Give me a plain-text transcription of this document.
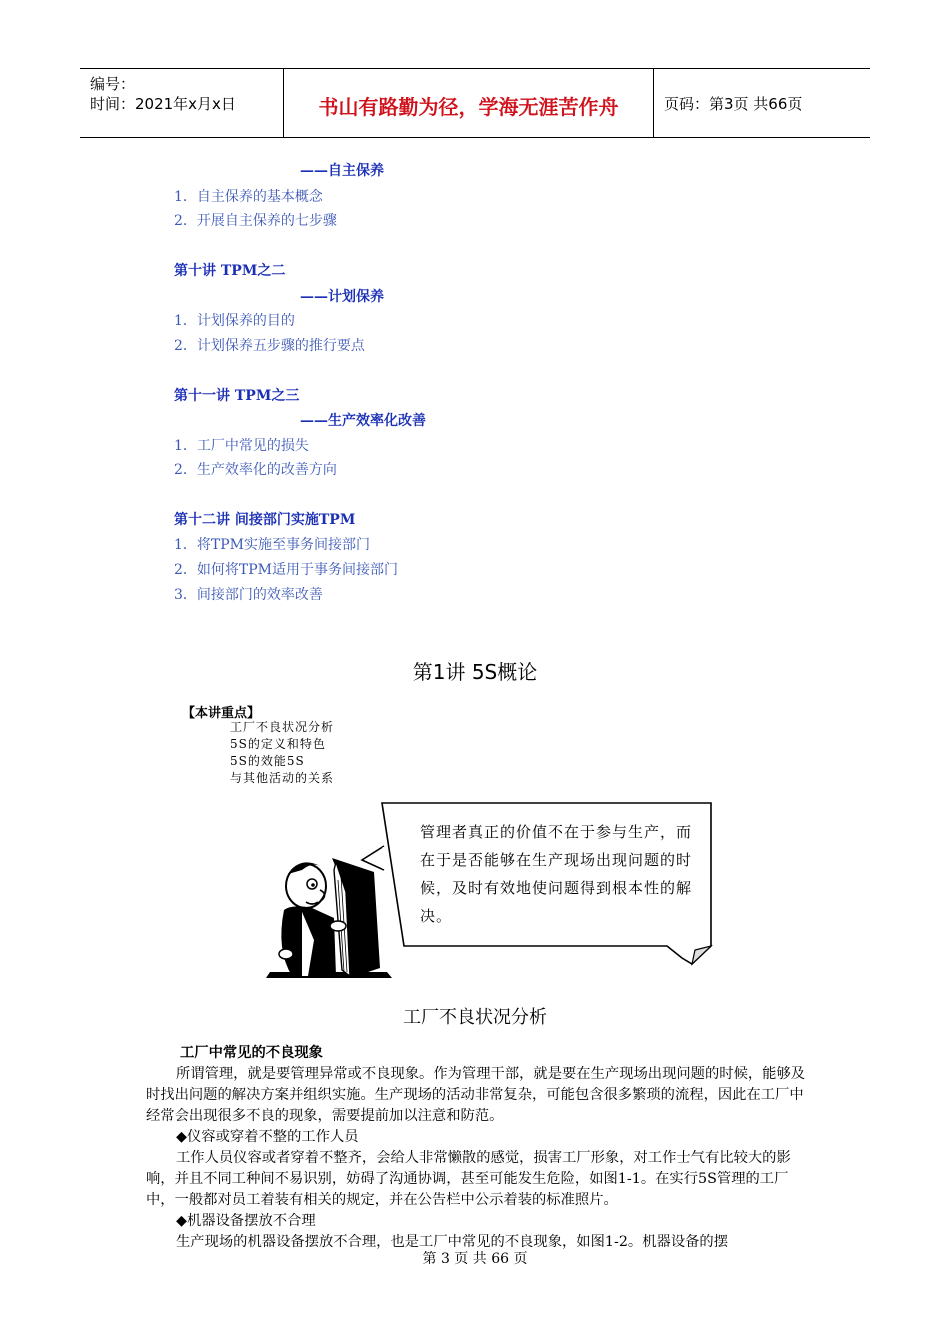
编号：
时间：2021年x月x日	书山有路勤为径，学海无涯苦作舟	页码：第3页 共66页
——自主保养
1．自主保养的基本概念
2．开展自主保养的七步骤
第十讲 TPM之二
——计划保养
1．计划保养的目的
2．计划保养五步骤的推行要点
第十一讲 TPM之三
——生产效率化改善
1．工厂中常见的损失
2．生产效率化的改善方向
第十二讲 间接部门实施TPM
1．将TPM实施至事务间接部门
2．如何将TPM适用于事务间接部门
3．间接部门的效率改善
第1讲 5S概论
【本讲重点】
工厂不良状况分析
5S的定义和特色
5S的效能5S
与其他活动的关系
管理者真正的价值不在于参与生产，而在于是否能够在生产现场出现问题的时候，及时有效地使问题得到根本性的解决。
工厂不良状况分析

工厂中常见的不良现象

所谓管理，就是要管理异常或不良现象。作为管理干部，就是要在生产现场出现问题的时候，能够及时找出问题的解决方案并组织实施。生产现场的活动非常复杂，可能包含很多繁琐的流程，因此在工厂中经常会出现很多不良的现象，需要提前加以注意和防范。

◆仪容或穿着不整的工作人员

工作人员仪容或者穿着不整齐，会给人非常懒散的感觉，损害工厂形象，对工作士气有比较大的影响，并且不同工种间不易识别，妨碍了沟通协调，甚至可能发生危险，如图1-1。在实行5S管理的工厂中，一般都对员工着装有相关的规定，并在公告栏中公示着装的标准照片。

◆机器设备摆放不合理

生产现场的机器设备摆放不合理，也是工厂中常见的不良现象，如图1-2。机器设备的摆

第 3 页 共 66 页
